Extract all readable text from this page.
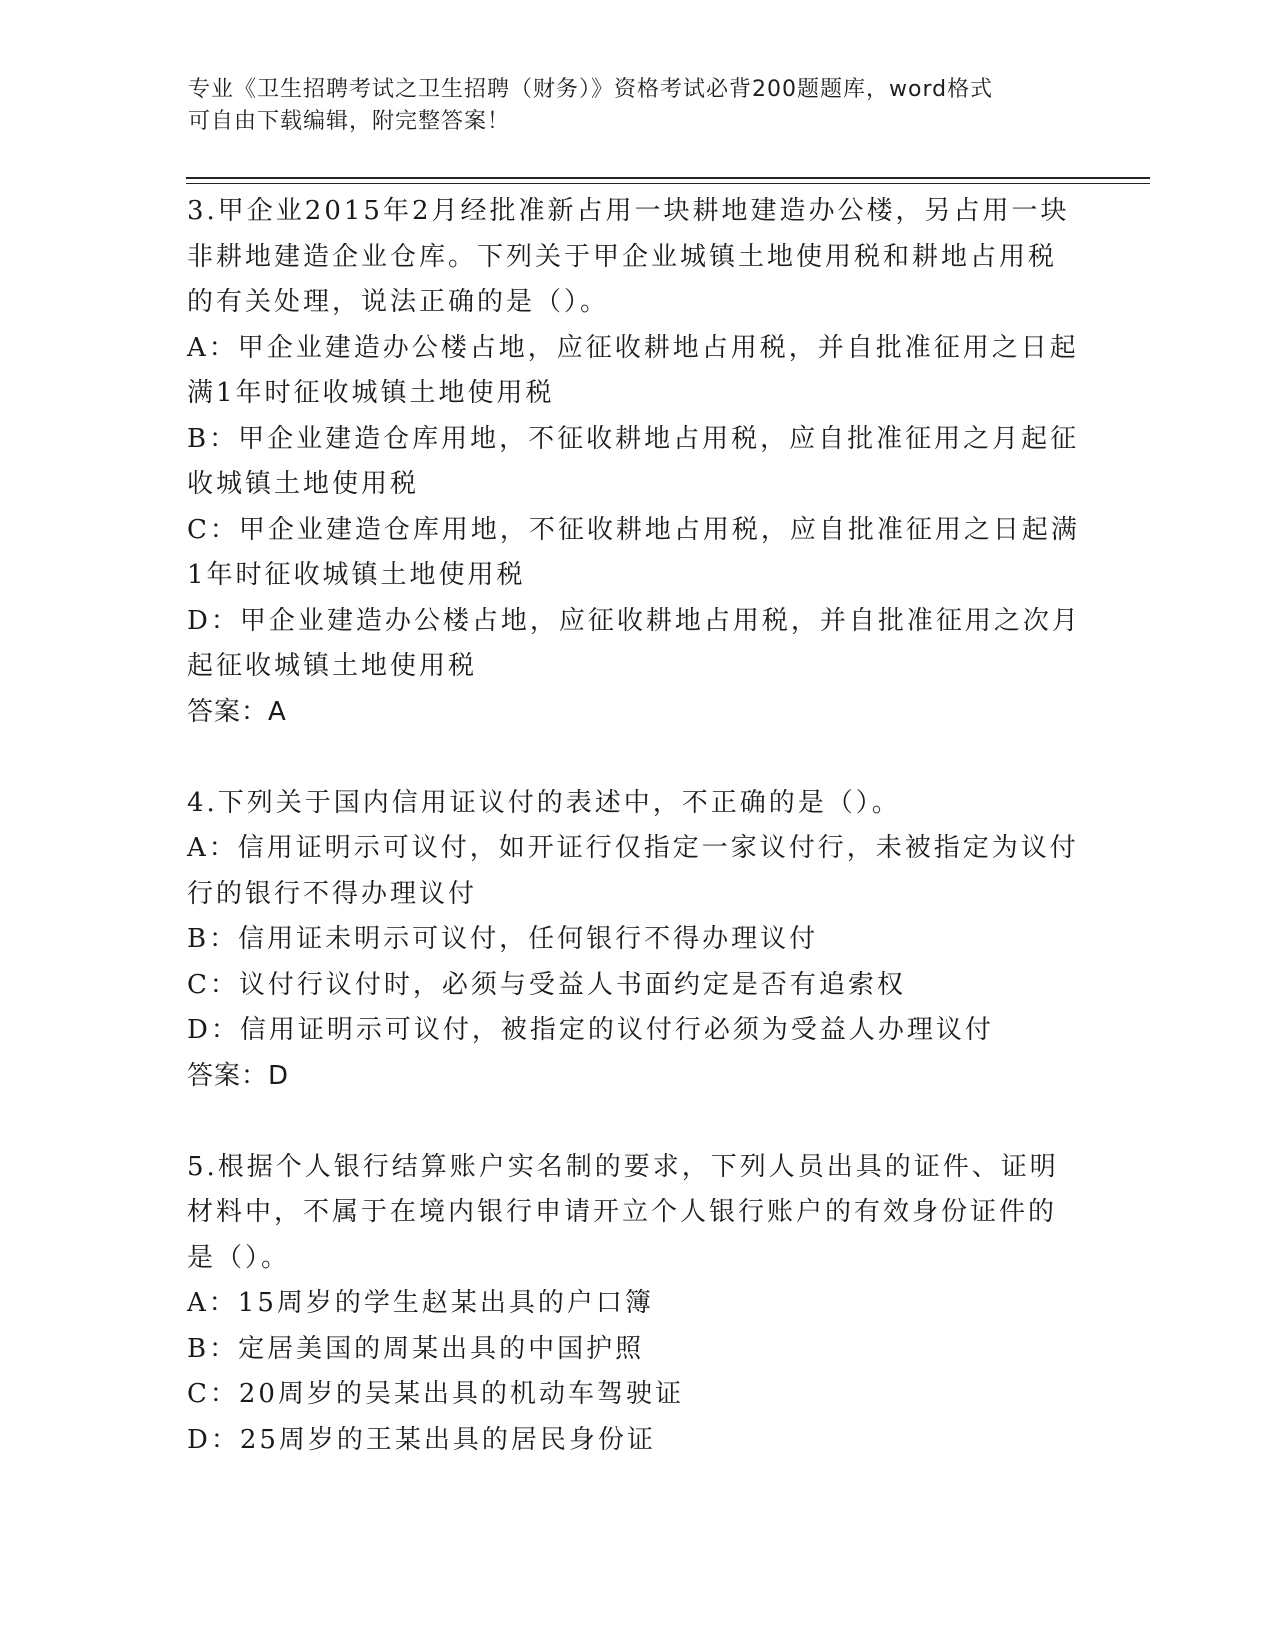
专业《卫生招聘考试之卫生招聘（财务）》资格考试必背200题题库，word格式
可自由下载编辑，附完整答案！
3.甲企业2015年2月经批准新占用一块耕地建造办公楼，另占用一块
非耕地建造企业仓库。下列关于甲企业城镇土地使用税和耕地占用税
的有关处理，说法正确的是（）。
A：甲企业建造办公楼占地，应征收耕地占用税，并自批准征用之日起
满1年时征收城镇土地使用税
B：甲企业建造仓库用地，不征收耕地占用税，应自批准征用之月起征
收城镇土地使用税
C：甲企业建造仓库用地，不征收耕地占用税，应自批准征用之日起满
1年时征收城镇土地使用税
D：甲企业建造办公楼占地，应征收耕地占用税，并自批准征用之次月
起征收城镇土地使用税
答案：A
4.下列关于国内信用证议付的表述中，不正确的是（）。
A：信用证明示可议付，如开证行仅指定一家议付行，未被指定为议付
行的银行不得办理议付
B：信用证未明示可议付，任何银行不得办理议付
C：议付行议付时，必须与受益人书面约定是否有追索权
D：信用证明示可议付，被指定的议付行必须为受益人办理议付
答案：D
5.根据个人银行结算账户实名制的要求，下列人员出具的证件、证明
材料中，不属于在境内银行申请开立个人银行账户的有效身份证件的
是（）。
A：15周岁的学生赵某出具的户口簿
B：定居美国的周某出具的中国护照
C：20周岁的吴某出具的机动车驾驶证
D：25周岁的王某出具的居民身份证
